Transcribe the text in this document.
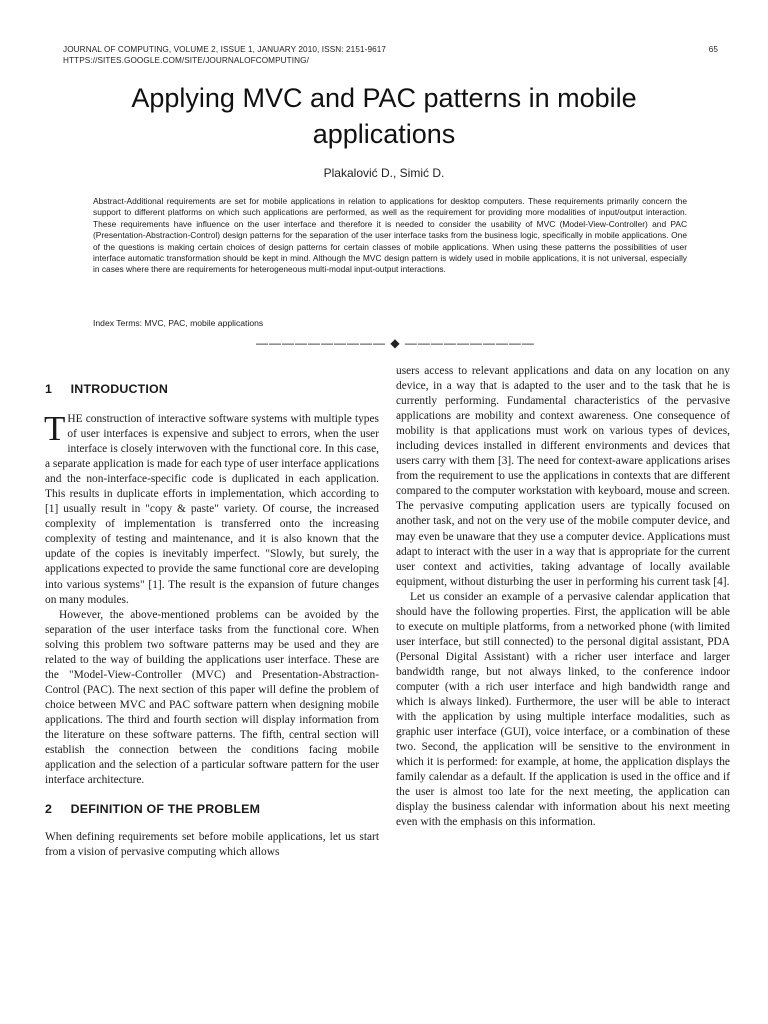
JOURNAL OF COMPUTING, VOLUME 2, ISSUE 1, JANUARY 2010, ISSN: 2151-9617
HTTPS://SITES.GOOGLE.COM/SITE/JOURNALOFCOMPUTING/
65
Applying MVC and PAC patterns in mobile applications
Plakalović D., Simić D.
Abstract-Additional requirements are set for mobile applications in relation to applications for desktop computers. These requirements primarily concern the support to different platforms on which such applications are performed, as well as the requirement for providing more modalities of input/output interaction. These requirements have influence on the user interface and therefore it is needed to consider the usability of MVC (Model-View-Controller) and PAC (Presentation-Abstraction-Control) design patterns for the separation of the user interface tasks from the business logic, specifically in mobile applications. One of the questions is making certain choices of design patterns for certain classes of mobile applications. When using these patterns the possibilities of user interface automatic transformation should be kept in mind. Although the MVC design pattern is widely used in mobile applications, it is not universal, especially in cases where there are requirements for heterogeneous multi-modal input-output interactions.
Index Terms: MVC, PAC, mobile applications
—————————— ◆ ——————————
1 INTRODUCTION

THE construction of interactive software systems with multiple types of user interfaces is expensive and subject to errors, when the user interface is closely interwoven with the functional core. In this case, a separate application is made for each type of user interface applications and the non-interface-specific code is duplicated in each application. This results in duplicate efforts in implementation, which according to [1] usually result in "copy & paste" variety. Of course, the increased complexity of implementation is transferred onto the increasing complexity of testing and maintenance, and it is also known that the update of the copies is inevitably imperfect. "Slowly, but surely, the applications expected to provide the same functional core are developing into various systems" [1]. The result is the expansion of future changes on many modules.

However, the above-mentioned problems can be avoided by the separation of the user interface tasks from the functional core. When solving this problem two software patterns may be used and they are related to the way of building the applications user interface. These are the "Model-View-Controller (MVC) and Presentation-Abstraction-Control (PAC). The next section of this paper will define the problem of choice between MVC and PAC software pattern when designing mobile applications. The third and fourth section will display information from the literature on these software patterns. The fifth, central section will establish the connection between the conditions facing mobile application and the selection of a particular software pattern for the user interface architecture.

2 DEFINITION OF THE PROBLEM

When defining requirements set before mobile applications, let us start from a vision of pervasive computing which allows

users access to relevant applications and data on any location on any device, in a way that is adapted to the user and to the task that he is currently performing. Fundamental characteristics of the pervasive applications are mobility and context awareness. One consequence of mobility is that applications must work on various types of devices, including devices installed in different environments and devices that users carry with them [3]. The need for context-aware applications arises from the requirement to use the applications in contexts that are different compared to the computer workstation with keyboard, mouse and screen. The pervasive computing application users are typically focused on another task, and not on the very use of the mobile computer device, and may even be unaware that they use a computer device. Applications must adapt to interact with the user in a way that is appropriate for the current user context and activities, taking advantage of locally available equipment, without disturbing the user in performing his current task [4].

Let us consider an example of a pervasive calendar application that should have the following properties. First, the application will be able to execute on multiple platforms, from a networked phone (with limited user interface, but still connected) to the personal digital assistant, PDA (Personal Digital Assistant) with a richer user interface and larger bandwidth range, but not always linked, to the conference indoor computer (with a rich user interface and high bandwidth range and which is always linked). Furthermore, the user will be able to interact with the application by using multiple interface modalities, such as graphic user interface (GUI), voice interface, or a combination of these two. Second, the application will be sensitive to the environment in which it is performed: for example, at home, the application displays the family calendar as a default. If the application is used in the office and if the user is almost too late for the next meeting, the application can display the business calendar with information about his next meeting even with the emphasis on this information.
